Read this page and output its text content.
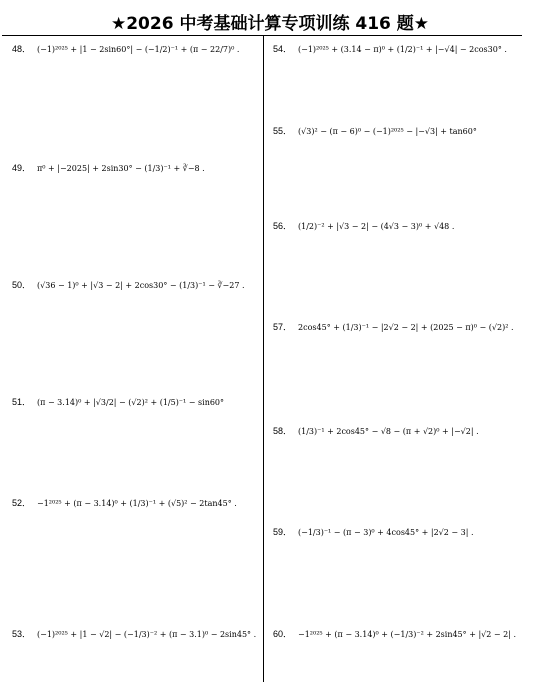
★2026 中考基础计算专项训练 416 题★
48． (−1)²⁰²⁵ + |1 − 2sin60°| − (−1/2)⁻¹ + (π − 22/7)⁰ .
49． π⁰ + |−2025| + 2sin30° − (1/3)⁻¹ + ∛−8 .
50． (√36 − 1)⁰ + |√3 − 2| + 2cos30° − (1/3)⁻¹ − ∛−27 .
51． (π − 3.14)⁰ + |√3/2| − (√2)² + (1/5)⁻¹ − sin60°
52． −1²⁰²⁵ + (π − 3.14)⁰ + (1/3)⁻¹ + (√5)² − 2tan45° .
53． (−1)²⁰²⁵ + |1 − √2| − (−1/3)⁻² + (π − 3.1)⁰ − 2sin45° .
54． (−1)²⁰²⁵ + (3.14 − π)⁰ + (1/2)⁻¹ + |−√4| − 2cos30° .
55． (√3)² − (π − 6)⁰ − (−1)²⁰²⁵ − |−√3| + tan60°
56． (1/2)⁻² + |√3 − 2| − (4√3 − 3)⁰ + √48 .
57． 2cos45° + (1/3)⁻¹ − |2√2 − 2| + (2025 − π)⁰ − (√2)² .
58． (1/3)⁻¹ + 2cos45° − √8 − (π + √2)⁰ + |−√2| .
59． (−1/3)⁻¹ − (π − 3)⁰ + 4cos45° + |2√2 − 3| .
60． −1²⁰²⁵ + (π − 3.14)⁰ + (−1/3)⁻² + 2sin45° + |√2 − 2| .
